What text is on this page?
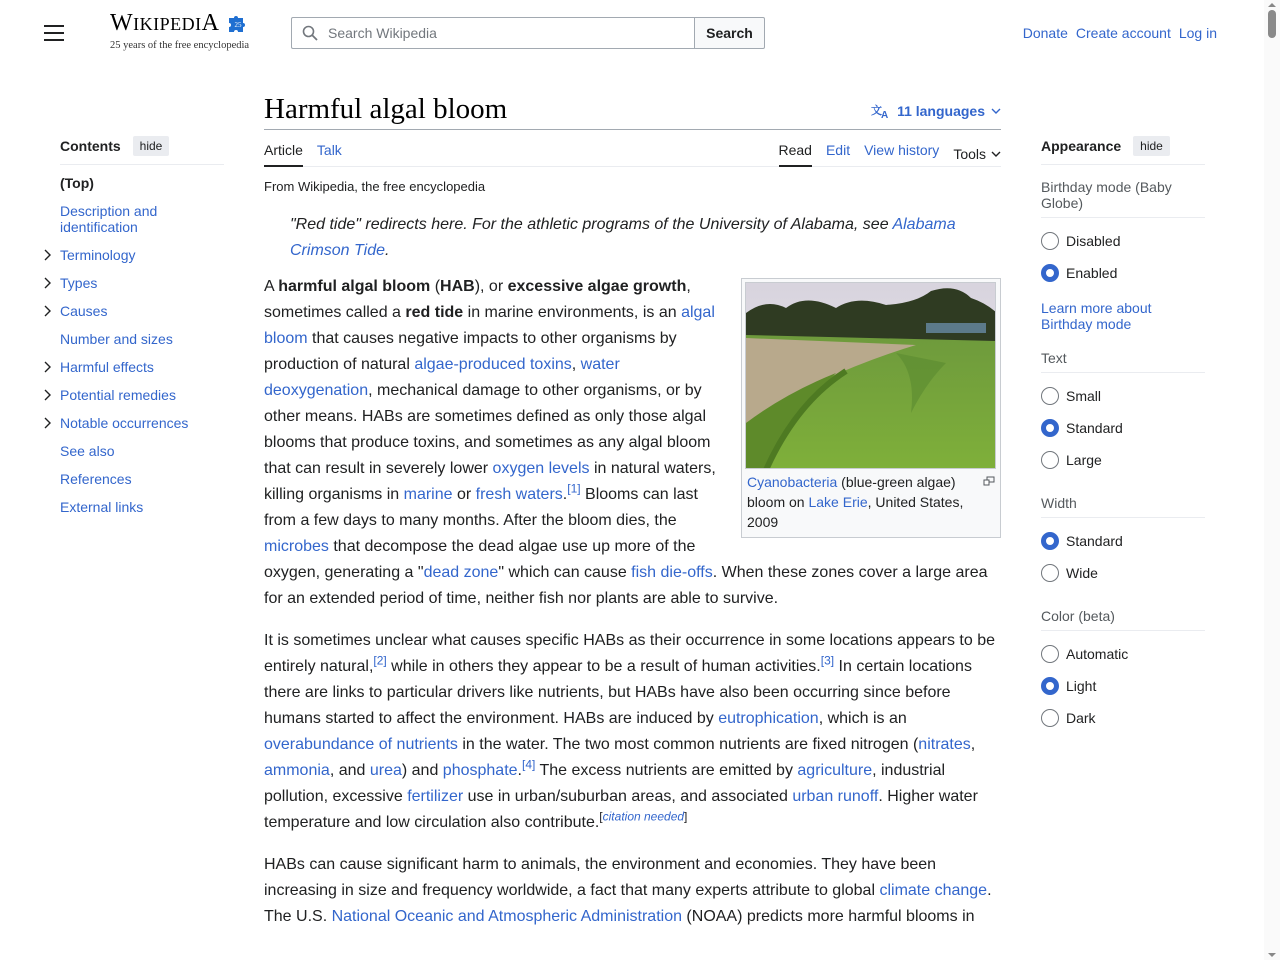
WIKIPEDIA 25
25 years of the free encyclopedia
Search Wikipedia
Search	Donate Create account Log in
Contents	hide
(Top)
Description and identification
Terminology
Types
Causes
Number and sizes
Harmful effects
Potential remedies
Notable occurrences
See also
References
External links
Harmful algal bloom	文 A 11 languages
Article Talk	Read Edit View history Tools
From Wikipedia, the free encyclopedia
"Red tide" redirects here. For the athletic programs of the University of Alabama, see Alabama Crimson Tide.
Cyanobacteria (blue-green algae) bloom on Lake Erie, United States, 2009

A harmful algal bloom (HAB), or excessive algae growth, sometimes called a red tide in marine environments, is an algal bloom that causes negative impacts to other organisms by production of natural algae-produced toxins, water deoxygenation, mechanical damage to other organisms, or by other means. HABs are sometimes defined as only those algal blooms that produce toxins, and sometimes as any algal bloom that can result in severely lower oxygen levels in natural waters, killing organisms in marine or fresh waters.[1] Blooms can last from a few days to many months. After the bloom dies, the microbes that decompose the dead algae use up more of the oxygen, generating a "dead zone" which can cause fish die-offs. When these zones cover a large area for an extended period of time, neither fish nor plants are able to survive.

It is sometimes unclear what causes specific HABs as their occurrence in some locations appears to be entirely natural,[2] while in others they appear to be a result of human activities.[3] In certain locations there are links to particular drivers like nutrients, but HABs have also been occurring since before humans started to affect the environment. HABs are induced by eutrophication, which is an overabundance of nutrients in the water. The two most common nutrients are fixed nitrogen (nitrates, ammonia, and urea) and phosphate.[4] The excess nutrients are emitted by agriculture, industrial pollution, excessive fertilizer use in urban/suburban areas, and associated urban runoff. Higher water temperature and low circulation also contribute.[citation needed]

HABs can cause significant harm to animals, the environment and economies. They have been increasing in size and frequency worldwide, a fact that many experts attribute to global climate change. The U.S. National Oceanic and Atmospheric Administration (NOAA) predicts more harmful blooms in

Appearance	hide
Birthday mode (Baby Globe)
Disabled
Enabled
Learn more about Birthday mode
Text
Small
Standard
Large
Width
Standard
Wide
Color (beta)
Automatic
Light
Dark
